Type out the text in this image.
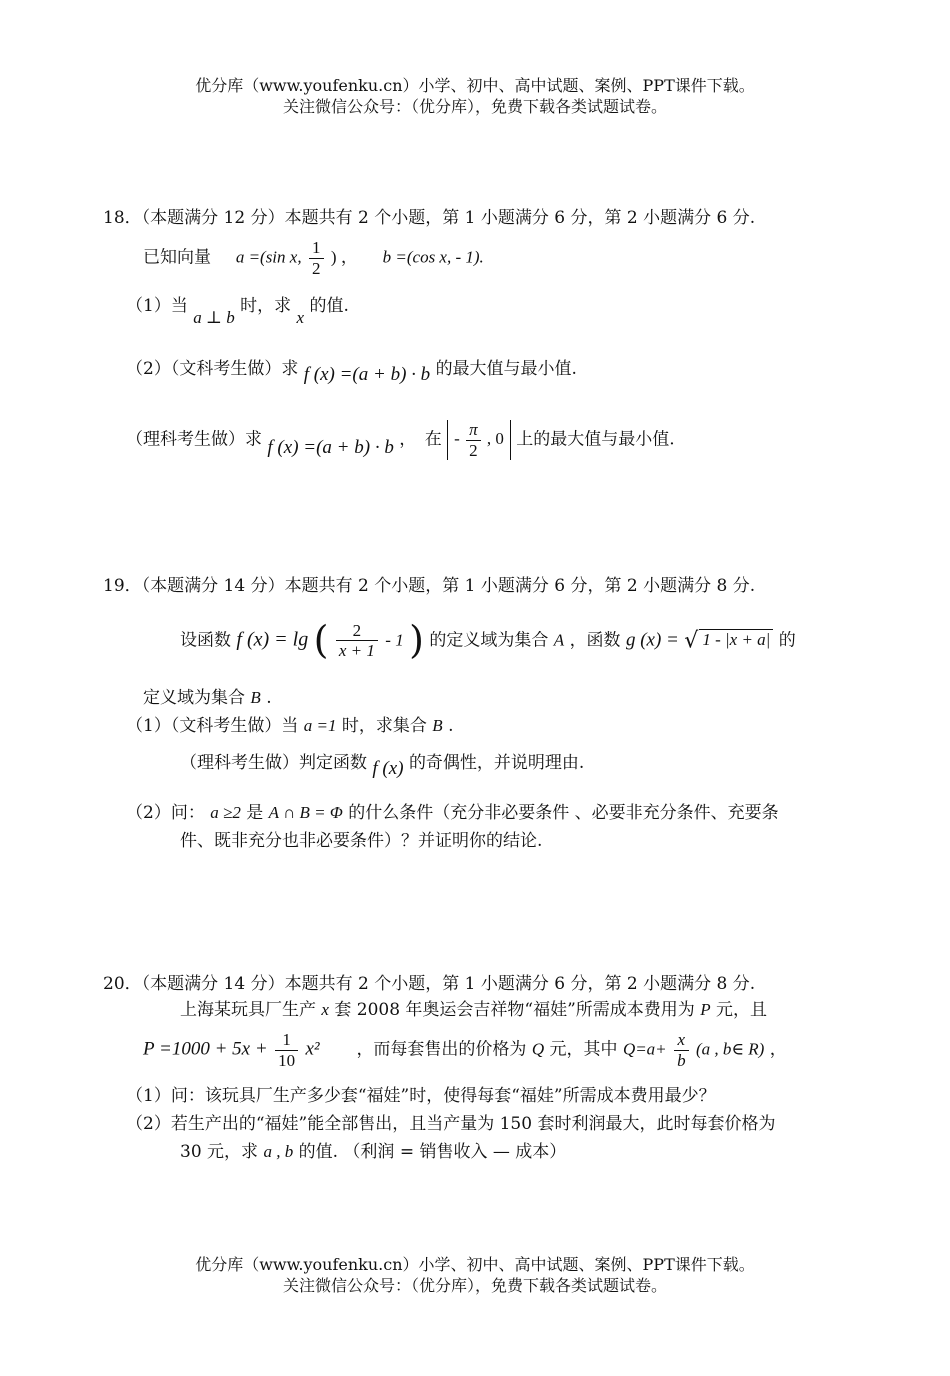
优分库（www.youfenku.cn）小学、初中、高中试题、案例、PPT课件下载。
关注微信公众号：（优分库），免费下载各类试题试卷。
18．（本题满分 12 分）本题共有 2 个小题，第 1 小题满分 6 分，第 2 小题满分 6 分.
已知向量 a =(sin x, $\frac{1}{2}$ ) ， b =(cos x, - 1).
（1）当 a ⊥ b 时，求 x 的值.
（2）（文科考生做）求 f (x) =(a + b) · b 的最大值与最小值.
（理科考生做）求 f (x) =(a + b) · b ，　在 - $\frac{\pi}{2}$ , 0 上的最大值与最小值.
19．（本题满分 14 分）本题共有 2 个小题，第 1 小题满分 6 分，第 2 小题满分 8 分.
设函数 f (x) = lg ( $\frac{2}{x + 1} - 1$ ) 的定义域为集合 A ，函数 g (x) = √ 1 - |x + a| 的
定义域为集合 B .
（1）（文科考生做）当 a =1 时，求集合 B .
（理科考生做）判定函数 f (x) 的奇偶性，并说明理由.
（2）问： a ≥2 是 A ∩ B = Φ 的什么条件（充分非必要条件 、必要非充分条件、充要条
件、既非充分也非必要条件）？并证明你的结论.
20．（本题满分 14 分）本题共有 2 个小题，第 1 小题满分 6 分，第 2 小题满分 8 分.
上海某玩具厂生产 x 套 2008 年奥运会吉祥物“福娃”所需成本费用为 P 元，且
$P =1000 + 5x + \frac{1}{10} x^2$ ，而每套售出的价格为 Q 元，其中 $Q=a+ \frac{x}{b} (a$ , b∈ R) ，
（1）问：该玩具厂生产多少套“福娃”时，使得每套“福娃”所需成本费用最少？
（2）若生产出的“福娃”能全部售出，且当产量为 150 套时利润最大，此时每套价格为
30 元，求 a , b 的值. （利润 = 销售收入 — 成本）
优分库（www.youfenku.cn）小学、初中、高中试题、案例、PPT课件下载。
关注微信公众号：（优分库），免费下载各类试题试卷。
